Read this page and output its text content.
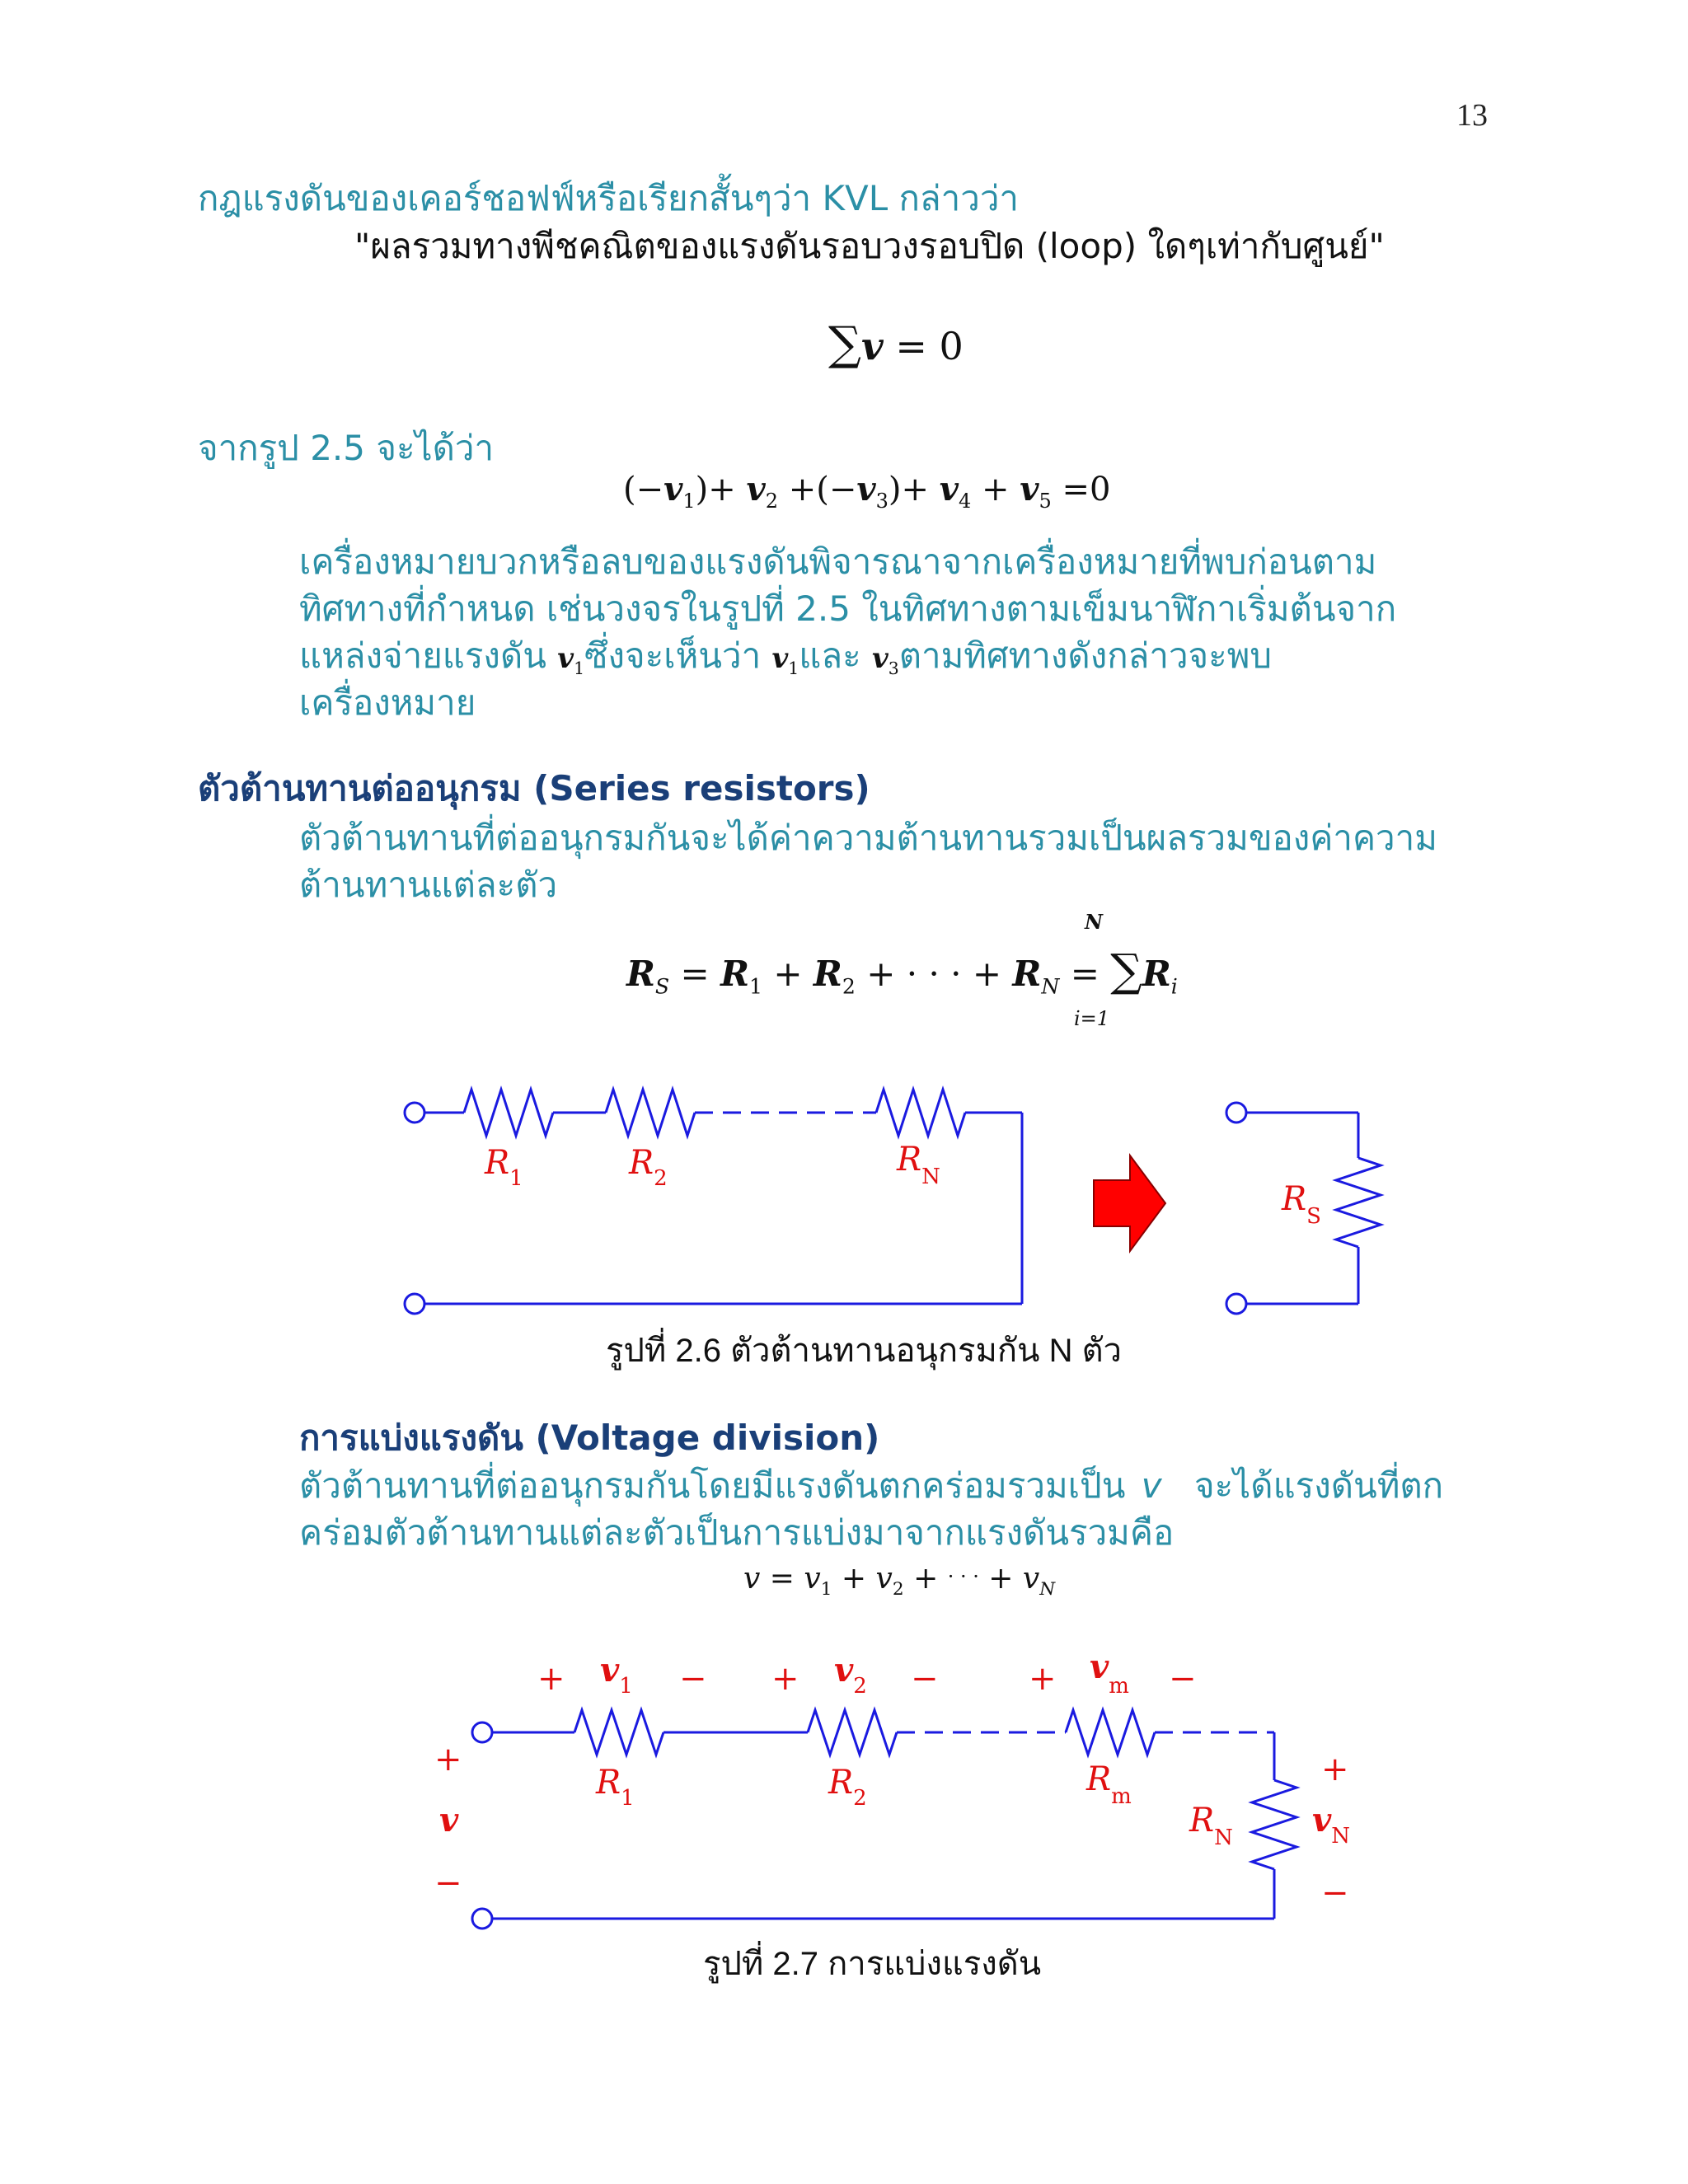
13
กฎแรงดันของเคอร์ชอฟฟ์หรือเรียกสั้นๆว่า KVL กล่าวว่า
"ผลรวมทางพีชคณิตของแรงดันรอบวงรอบปิด (loop) ใดๆเท่ากับศูนย์"
∑v = 0
จากรูป 2.5 จะได้ว่า
$(-v_1)+ v_2 +(-v_3)+ v_4 + v_5 =0$
เครื่องหมายบวกหรือลบของแรงดันพิจารณาจากเครื่องหมายที่พบก่อนตาม
ทิศทางที่กำหนด เช่นวงจรในรูปที่ 2.5 ในทิศทางตามเข็มนาฬิกาเริ่มต้นจาก
แหล่งจ่ายแรงดัน $v_1$ซึ่งจะเห็นว่า $v_1$และ $v_3$ตามทิศทางดังกล่าวจะพบ
เครื่องหมาย
ตัวต้านทานต่ออนุกรม (Series resistors)
ตัวต้านทานที่ต่ออนุกรมกันจะได้ค่าความต้านทานรวมเป็นผลรวมของค่าความ
ต้านทานแต่ละตัว
N
$R_S = R_1 + R_2$ + · · · + $R_N = \sum R_i$
i=1
$R_1$	$R_2$	$R_N$
$R_S$
รูปที่ 2.6 ตัวต้านทานอนุกรมกัน N ตัว
การแบ่งแรงดัน (Voltage division)
ตัวต้านทานที่ต่ออนุกรมกันโดยมีแรงดันตกคร่อมรวมเป็น v จะได้แรงดันที่ตก
คร่อมตัวต้านทานแต่ละตัวเป็นการแบ่งมาจากแรงดันรวมคือ
$v = v_1 + v_2$ + · · · + $v_N$
+	− +	−	+	−
$v_1$	$v_2$	$v_m$
$R_1$	$R_2$	$R_m$
$R_N$
+
v
−
+
$v_N$
−
รูปที่ 2.7 การแบ่งแรงดัน
